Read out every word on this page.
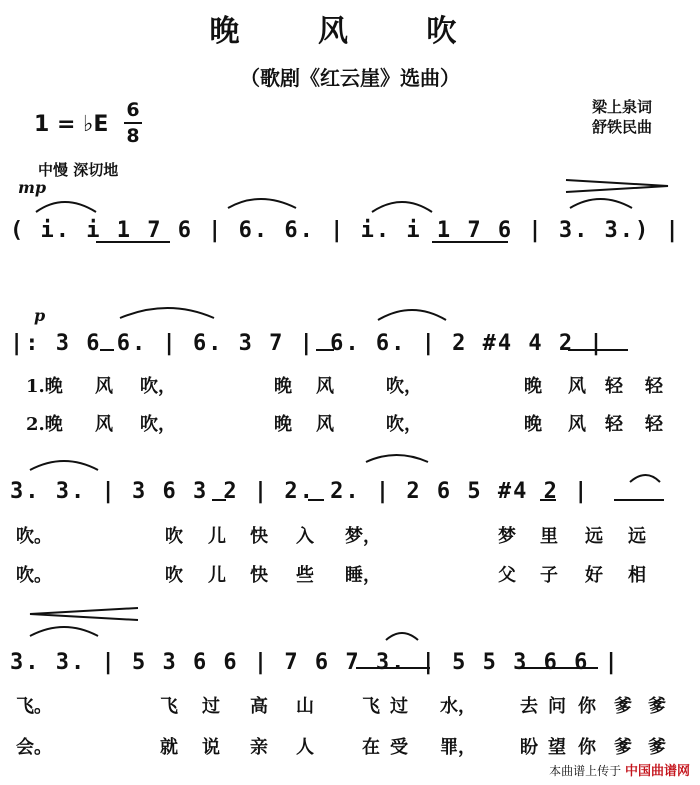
晚 风 吹
（歌剧《红云崖》选曲）
1 = ♭E
6
8
梁上泉词
舒铁民曲
中慢 深切地
mp
p
( i. i 1 7 6 | 6. 6. | i. i 1 7 6 | 3. 3.) |
|: 3 6 6. | 6. 3 7 | 6. 6. | 2 #4 4 2 |
3. 3. | 3 6 3 2 | 2. 2. | 2 6 5 #4 2 |
3. 3. | 5 3 6 6 | 7 6 7 3. | 5 5 3 6 6 |
1.晚 风 吹，	晚 风	吹，	晚 风 轻 轻
2.晚 风 吹，	晚 风	吹，	晚 风 轻 轻
吹。	吹 儿 快 入 梦，	梦 里 远 远
吹。	吹 儿 快 些 睡，	父 子 好 相
飞。	飞 过 高 山	飞 过 水， 去 问 你 爹 爹
会。	就 说 亲 人	在 受 罪， 盼 望 你 爹 爹
本曲谱上传于 中国曲谱网
